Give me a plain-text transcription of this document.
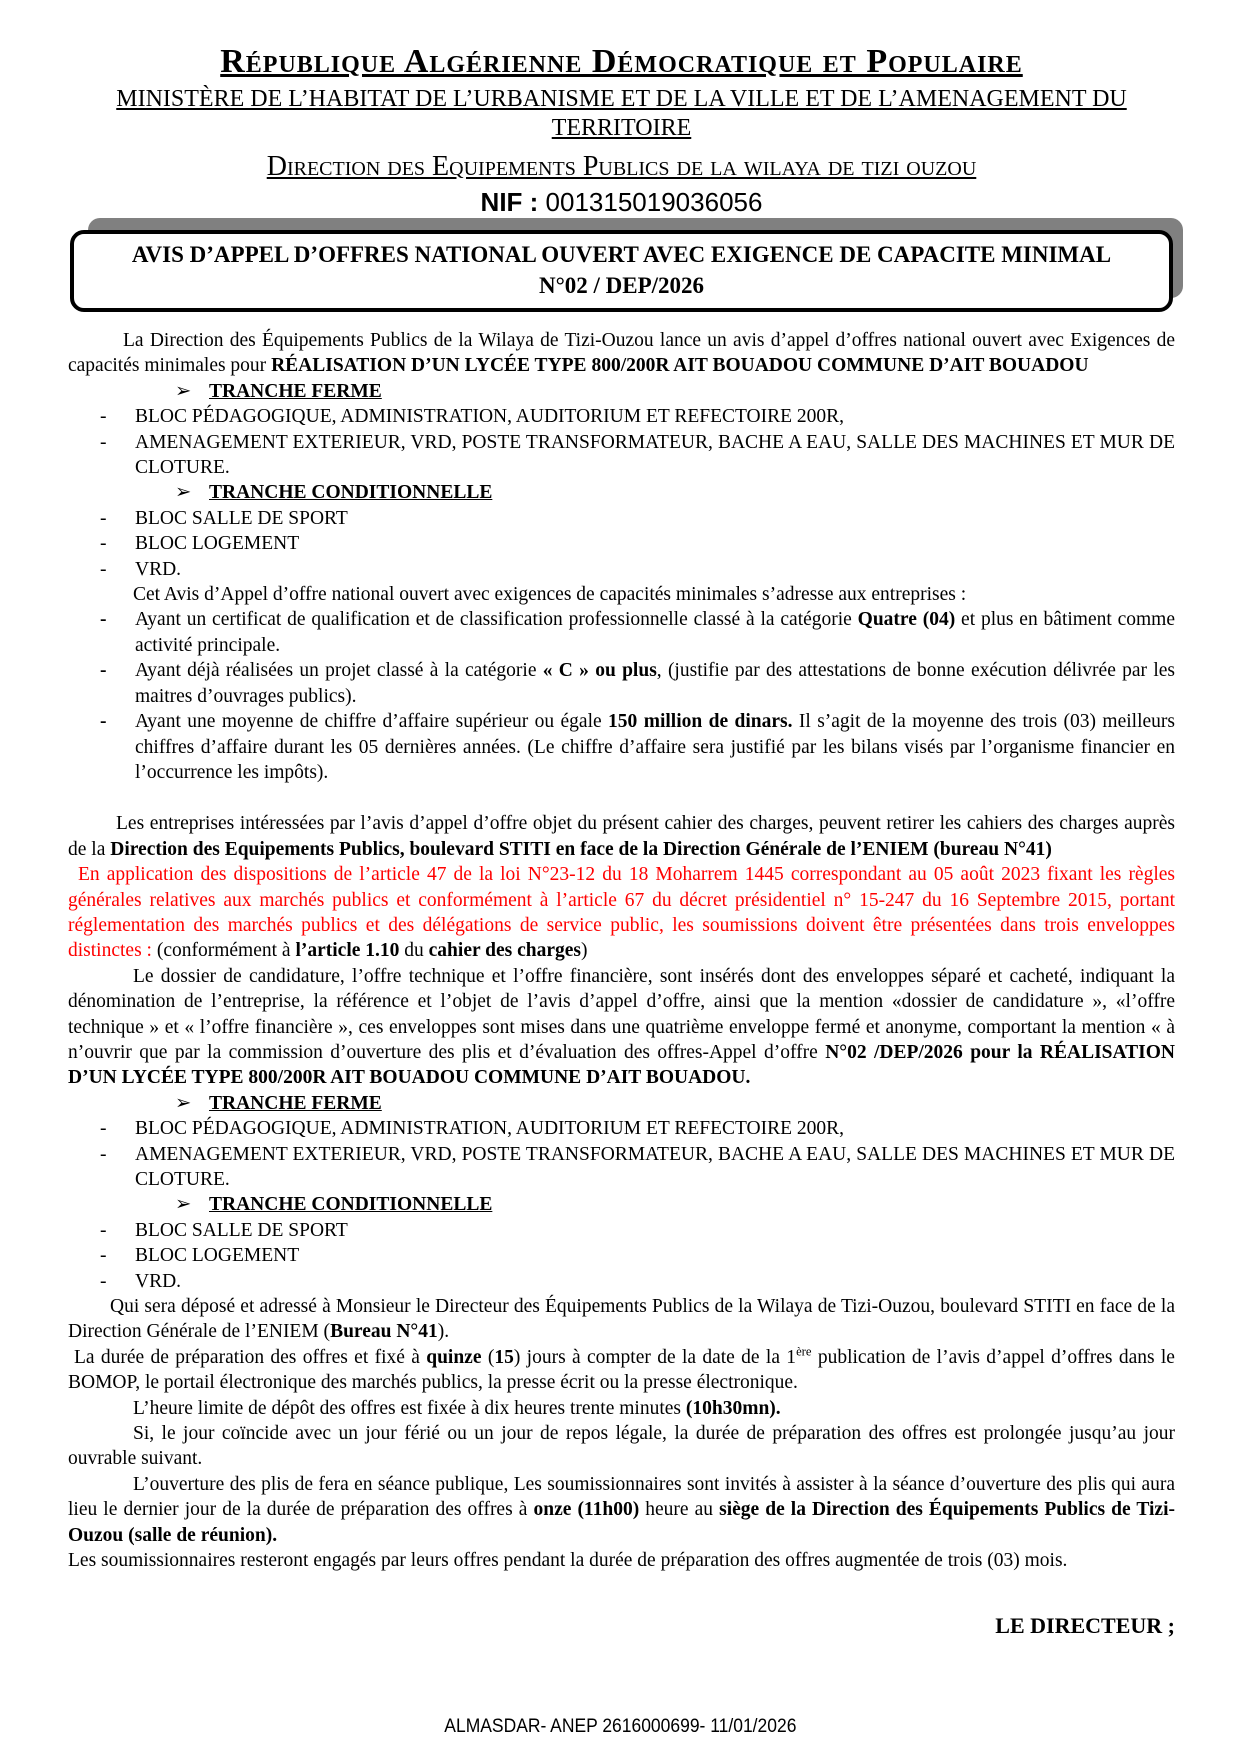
République Algérienne Démocratique et Populaire
MINISTÈRE DE L’HABITAT DE L’URBANISME ET DE LA VILLE ET DE L’AMENAGEMENT DU TERRITOIRE
Direction des Equipements Publics de la wilaya de tizi ouzou
NIF : 001315019036056
AVIS D’APPEL D’OFFRES NATIONAL OUVERT AVEC EXIGENCE DE CAPACITE MINIMAL
N°02 / DEP/2026

La Direction des Équipements Publics de la Wilaya de Tizi-Ouzou lance un avis d’appel d’offres national ouvert avec Exigences de capacités minimales pour RÉALISATION D’UN LYCÉE TYPE 800/200R AIT BOUADOU COMMUNE D’AIT BOUADOU

➢ TRANCHE FERME
-	BLOC PÉDAGOGIQUE, ADMINISTRATION, AUDITORIUM ET REFECTOIRE 200R,
-	AMENAGEMENT EXTERIEUR, VRD, POSTE TRANSFORMATEUR, BACHE A EAU, SALLE DES MACHINES ET MUR DE CLOTURE.
➢ TRANCHE CONDITIONNELLE
-	BLOC SALLE DE SPORT
-	BLOC LOGEMENT
-	VRD.

Cet Avis d’Appel d’offre national ouvert avec exigences de capacités minimales s’adresse aux entreprises :

-	Ayant un certificat de qualification et de classification professionnelle classé à la catégorie Quatre (04) et plus en bâtiment comme activité principale.
-	Ayant déjà réalisées un projet classé à la catégorie « C » ou plus, (justifie par des attestations de bonne exécution délivrée par les maitres d’ouvrages publics).
-	Ayant une moyenne de chiffre d’affaire supérieur ou égale 150 million de dinars. Il s’agit de la moyenne des trois (03) meilleurs chiffres d’affaire durant les 05 dernières années. (Le chiffre d’affaire sera justifié par les bilans visés par l’organisme financier en l’occurrence les impôts).

Les entreprises intéressées par l’avis d’appel d’offre objet du présent cahier des charges, peuvent retirer les cahiers des charges auprès de la Direction des Equipements Publics, boulevard STITI en face de la Direction Générale de l’ENIEM (bureau N°41)

En application des dispositions de l’article 47 de la loi N°23-12 du 18 Moharrem 1445 correspondant au 05 août 2023 fixant les règles générales relatives aux marchés publics et conformément à l’article 67 du décret présidentiel n° 15-247 du 16 Septembre 2015, portant réglementation des marchés publics et des délégations de service public, les soumissions doivent être présentées dans trois enveloppes distinctes : (conformément à l’article 1.10 du cahier des charges)

Le dossier de candidature, l’offre technique et l’offre financière, sont insérés dont des enveloppes séparé et cacheté, indiquant la dénomination de l’entreprise, la référence et l’objet de l’avis d’appel d’offre, ainsi que la mention «dossier de candidature », «l’offre technique » et « l’offre financière », ces enveloppes sont mises dans une quatrième enveloppe fermé et anonyme, comportant la mention « à n’ouvrir que par la commission d’ouverture des plis et d’évaluation des offres-Appel d’offre N°02 /DEP/2026 pour la RÉALISATION D’UN LYCÉE TYPE 800/200R AIT BOUADOU COMMUNE D’AIT BOUADOU.

➢ TRANCHE FERME
-	BLOC PÉDAGOGIQUE, ADMINISTRATION, AUDITORIUM ET REFECTOIRE 200R,
-	AMENAGEMENT EXTERIEUR, VRD, POSTE TRANSFORMATEUR, BACHE A EAU, SALLE DES MACHINES ET MUR DE CLOTURE.
➢ TRANCHE CONDITIONNELLE
-	BLOC SALLE DE SPORT
-	BLOC LOGEMENT
-	VRD.

Qui sera déposé et adressé à Monsieur le Directeur des Équipements Publics de la Wilaya de Tizi-Ouzou, boulevard STITI en face de la Direction Générale de l’ENIEM (Bureau N°41).

La durée de préparation des offres et fixé à quinze (15) jours à compter de la date de la 1ère publication de l’avis d’appel d’offres dans le BOMOP, le portail électronique des marchés publics, la presse écrit ou la presse électronique.

L’heure limite de dépôt des offres est fixée à dix heures trente minutes (10h30mn).

Si, le jour coïncide avec un jour férié ou un jour de repos légale, la durée de préparation des offres est prolongée jusqu’au jour ouvrable suivant.

L’ouverture des plis de fera en séance publique, Les soumissionnaires sont invités à assister à la séance d’ouverture des plis qui aura lieu le dernier jour de la durée de préparation des offres à onze (11h00) heure au siège de la Direction des Équipements Publics de Tizi-Ouzou (salle de réunion).

Les soumissionnaires resteront engagés par leurs offres pendant la durée de préparation des offres augmentée de trois (03) mois.

LE DIRECTEUR ;
ALMASDAR- ANEP 2616000699- 11/01/2026
